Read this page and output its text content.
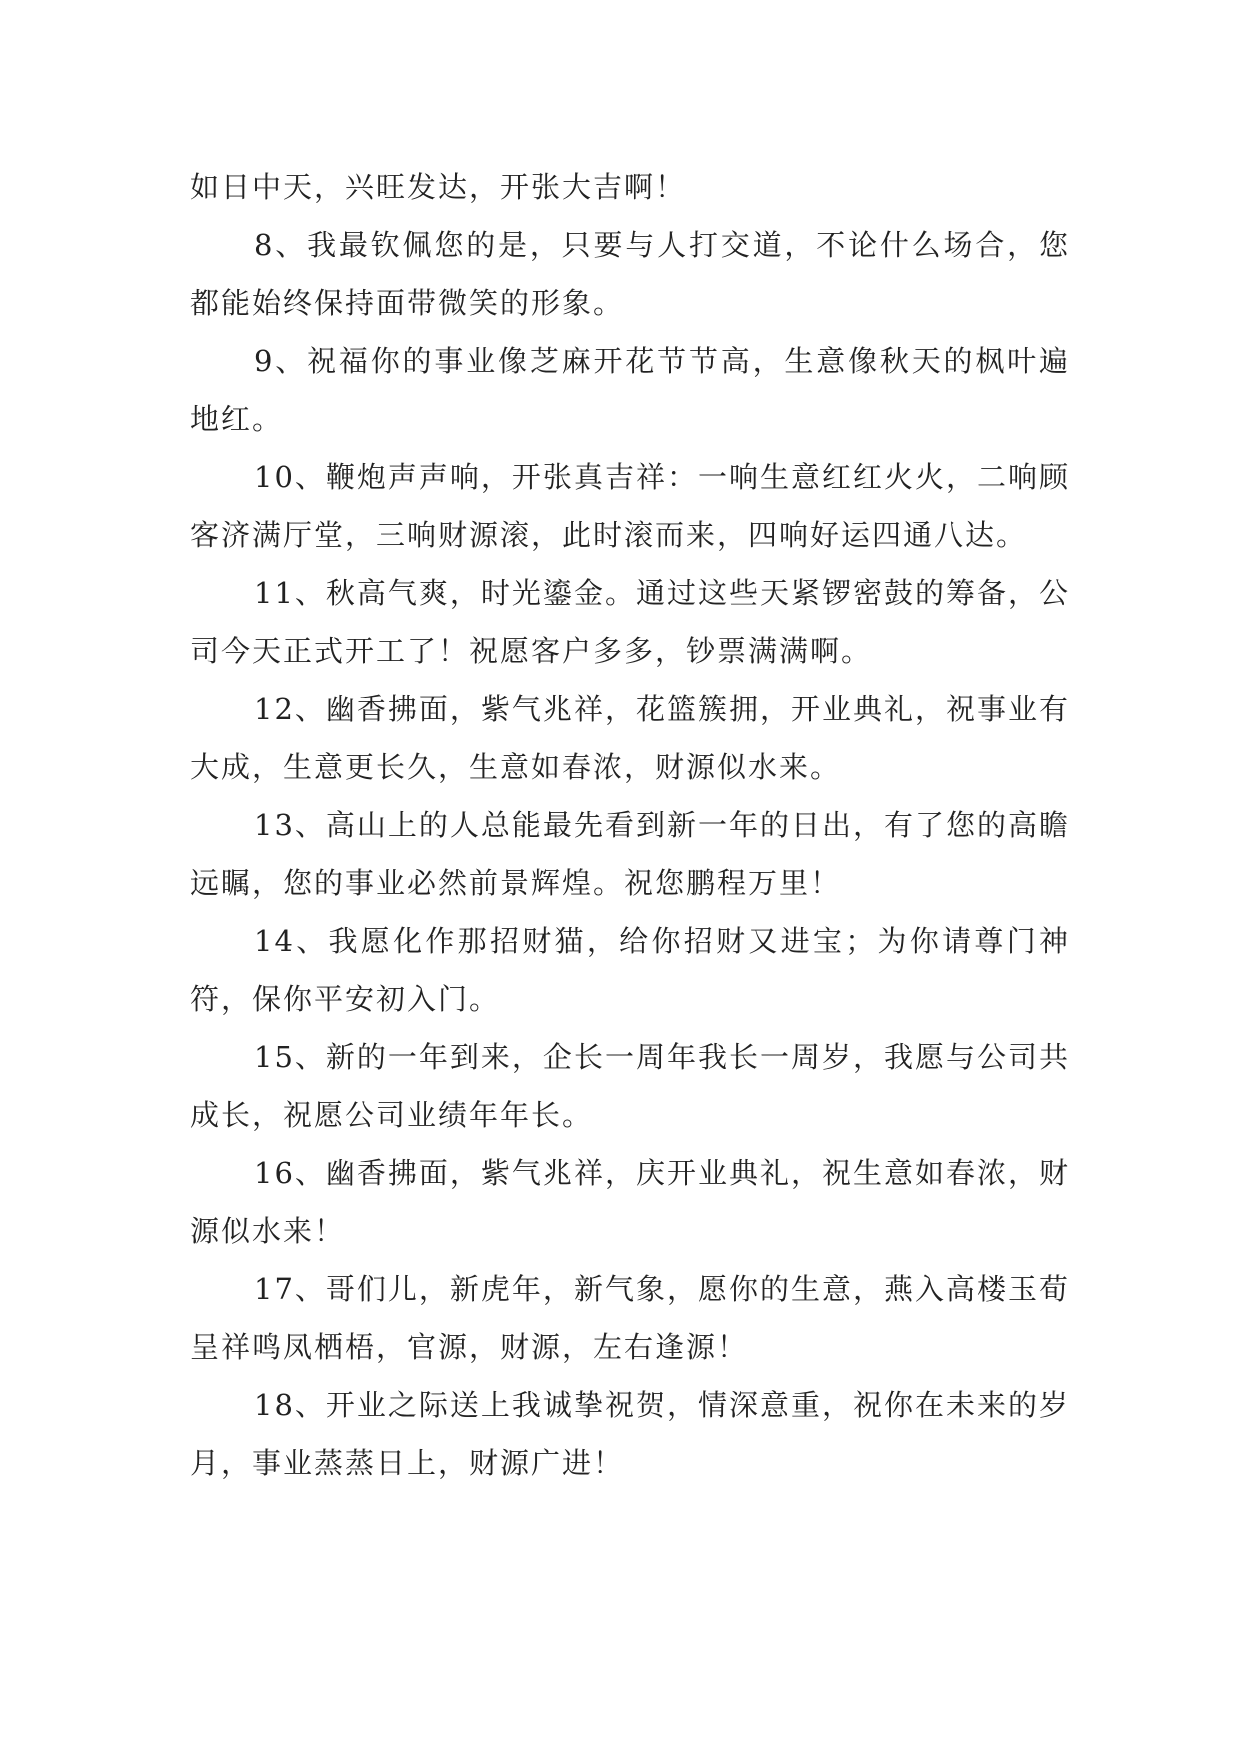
如日中天，兴旺发达，开张大吉啊！

8、我最钦佩您的是，只要与人打交道，不论什么场合，您都能始终保持面带微笑的形象。

9、祝福你的事业像芝麻开花节节高，生意像秋天的枫叶遍地红。

10、鞭炮声声响，开张真吉祥：一响生意红红火火，二响顾客济满厅堂，三响财源滚，此时滚而来，四响好运四通八达。

11、秋高气爽，时光鎏金。通过这些天紧锣密鼓的筹备，公司今天正式开工了！祝愿客户多多，钞票满满啊。

12、幽香拂面，紫气兆祥，花篮簇拥，开业典礼，祝事业有大成，生意更长久，生意如春浓，财源似水来。

13、高山上的人总能最先看到新一年的日出，有了您的高瞻远瞩，您的事业必然前景辉煌。祝您鹏程万里！

14、我愿化作那招财猫，给你招财又进宝；为你请尊门神符，保你平安初入门。

15、新的一年到来，企长一周年我长一周岁，我愿与公司共成长，祝愿公司业绩年年长。

16、幽香拂面，紫气兆祥，庆开业典礼，祝生意如春浓，财源似水来！

17、哥们儿，新虎年，新气象，愿你的生意，燕入高楼玉荀呈祥鸣凤栖梧，官源，财源，左右逢源！

18、开业之际送上我诚挚祝贺，情深意重，祝你在未来的岁月，事业蒸蒸日上，财源广进！
